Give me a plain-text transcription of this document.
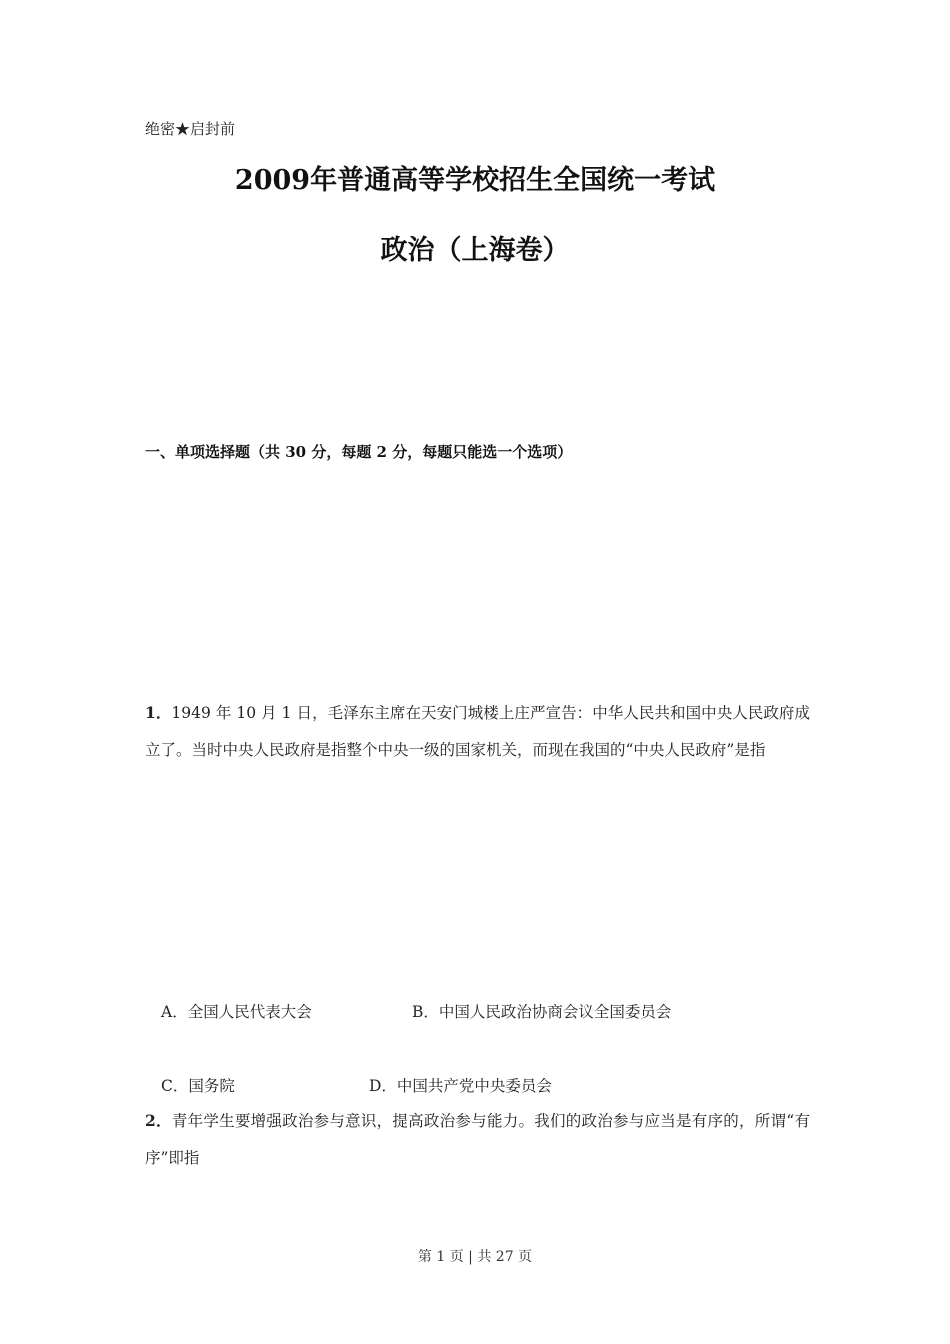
绝密★启封前
2009年普通高等学校招生全国统一考试
政治（上海卷）
一、单项选择题（共 30 分，每题 2 分，每题只能选一个选项）
1．1949 年 10 月 1 日，毛泽东主席在天安门城楼上庄严宣告：中华人民共和国中央人民政府成立了。当时中央人民政府是指整个中央一级的国家机关，而现在我国的“中央人民政府”是指
A．全国人民代表大会	B．中国人民政治协商会议全国委员会
C．国务院	D．中国共产党中央委员会
2．青年学生要增强政治参与意识，提高政治参与能力。我们的政治参与应当是有序的，所谓“有序”即指
第 1 页 | 共 27 页
